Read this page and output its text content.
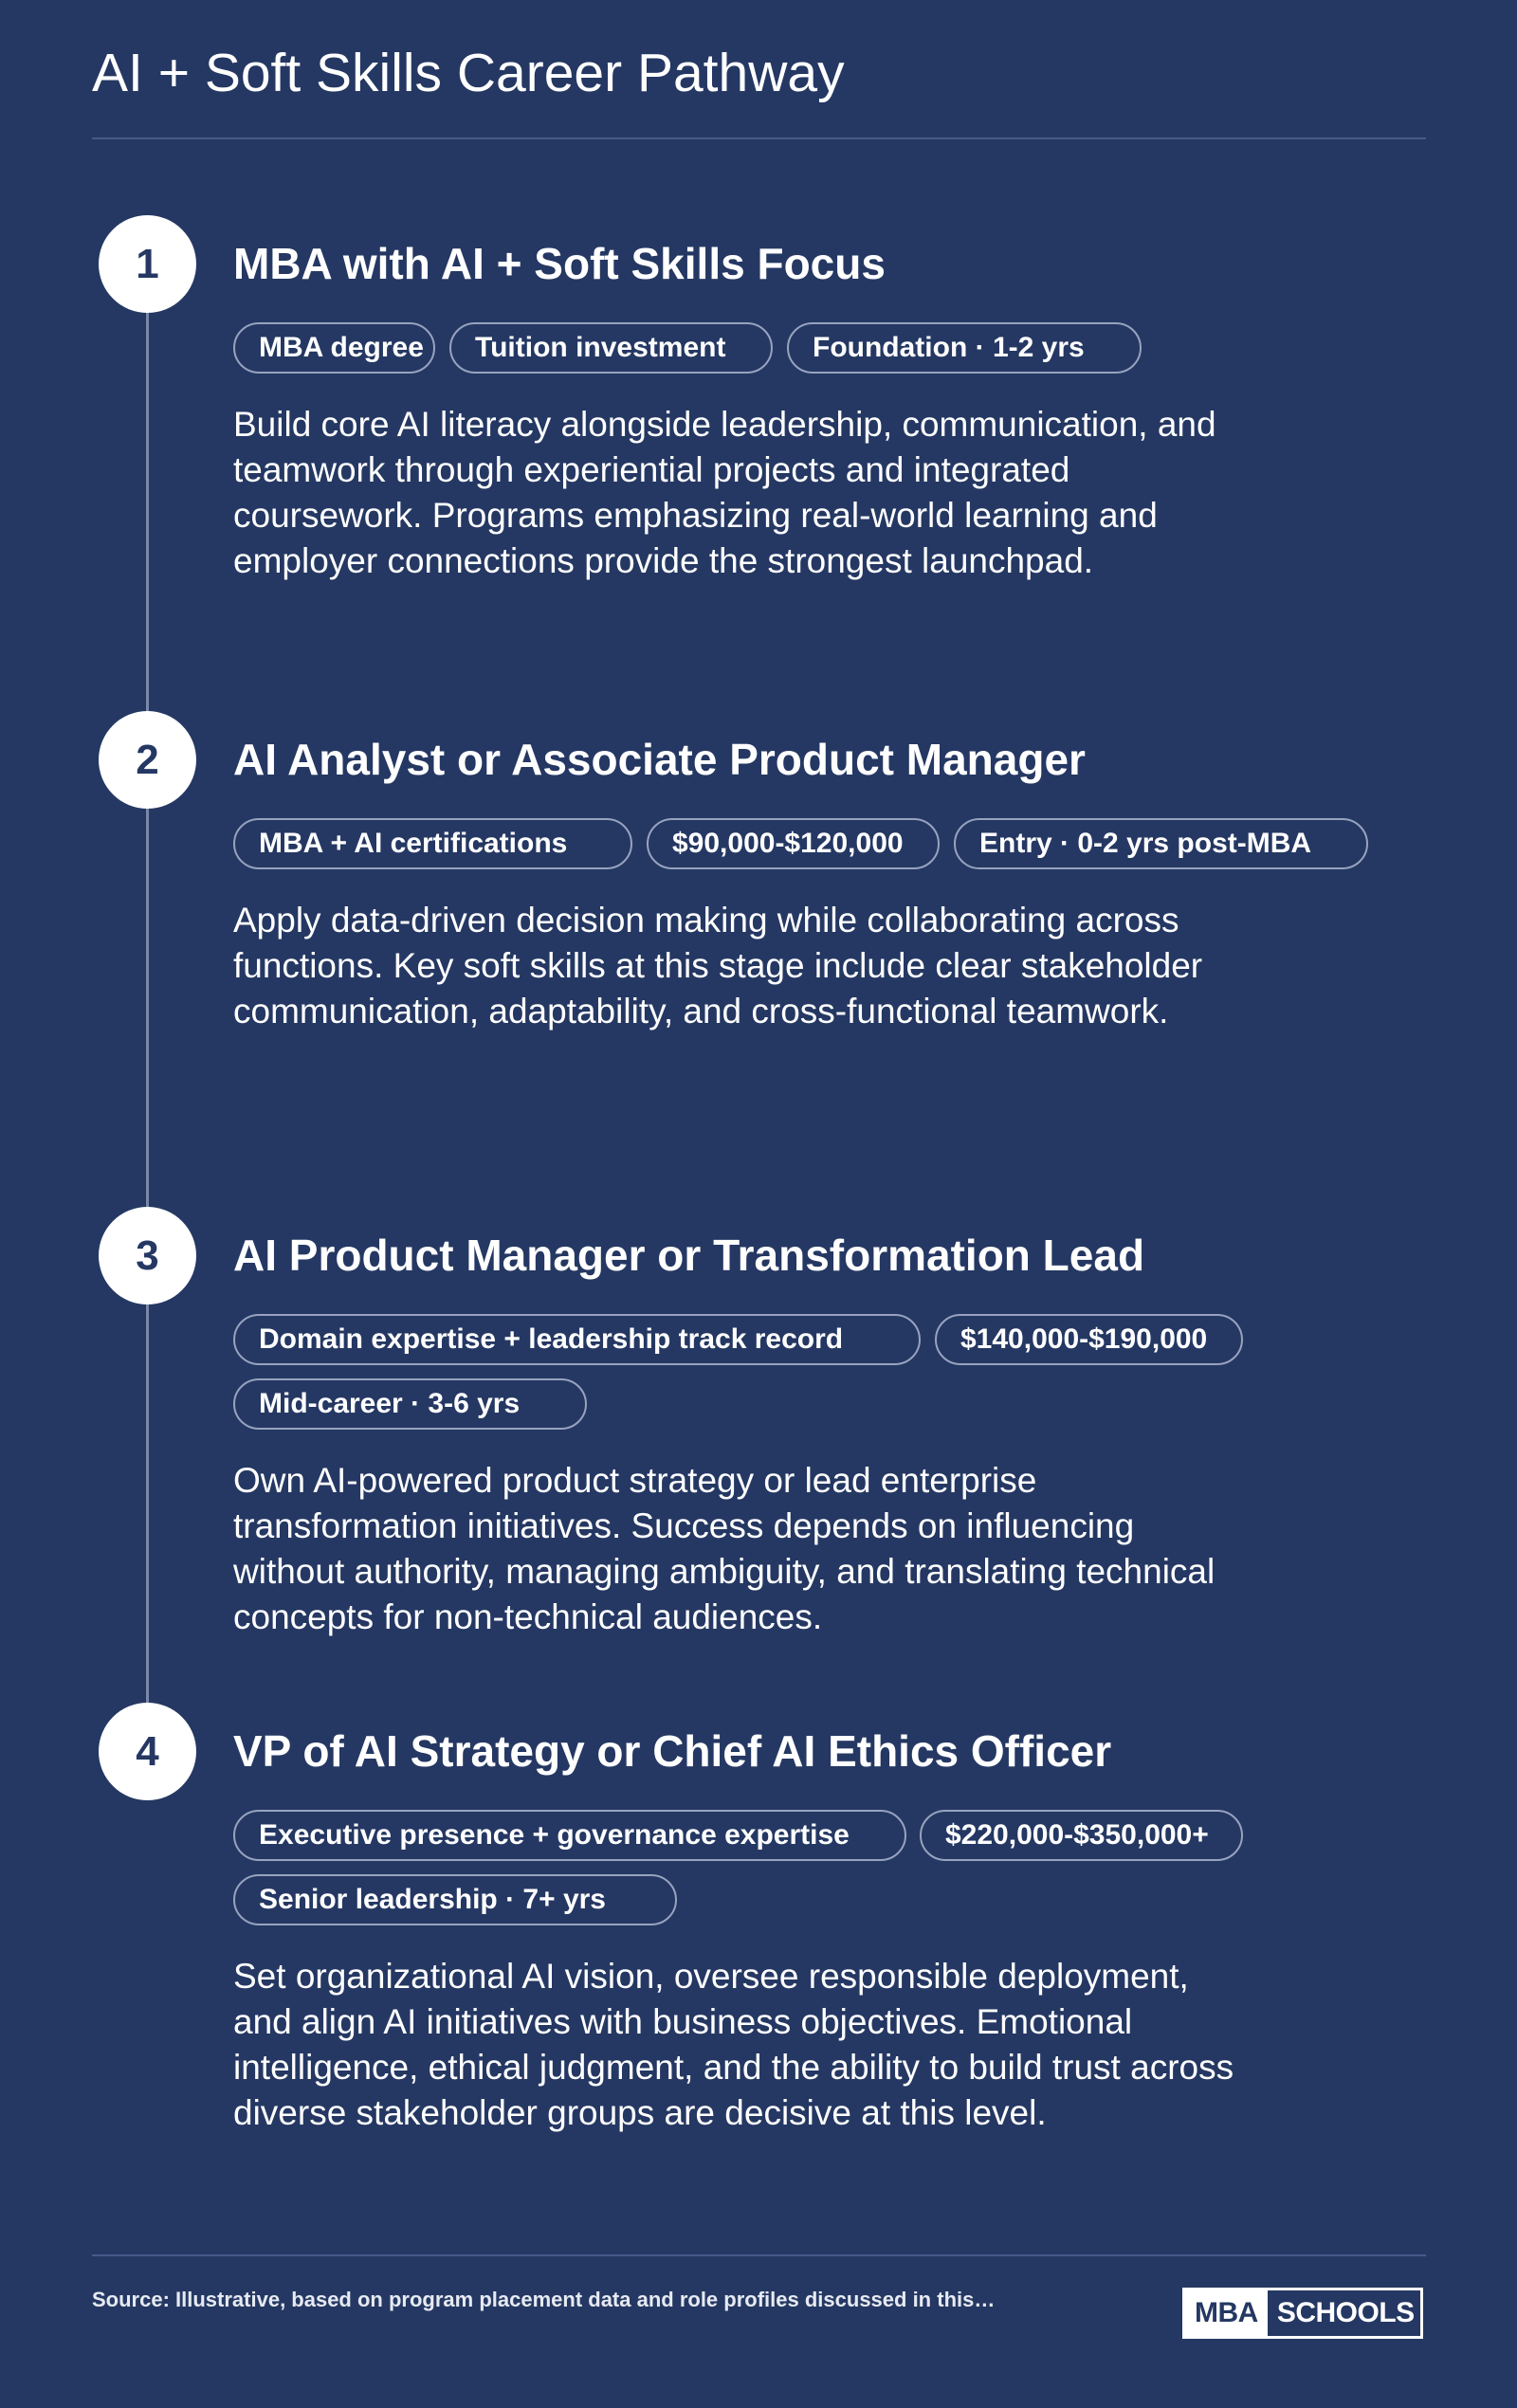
AI + Soft Skills Career Pathway
1	MBA with AI + Soft Skills Focus
MBA degree	Tuition investment	Foundation · 1-2 yrs
Build core AI literacy alongside leadership, communication, and teamwork through experiential projects and integrated coursework. Programs emphasizing real-world learning and employer connections provide the strongest launchpad.
2	AI Analyst or Associate Product Manager
MBA + AI certifications	$90,000-$120,000	Entry · 0-2 yrs post-MBA
Apply data-driven decision making while collaborating across functions. Key soft skills at this stage include clear stakeholder communication, adaptability, and cross-functional teamwork.
3	AI Product Manager or Transformation Lead
Domain expertise + leadership track record	$140,000-$190,000
Mid-career · 3-6 yrs
Own AI-powered product strategy or lead enterprise transformation initiatives. Success depends on influencing without authority, managing ambiguity, and translating technical concepts for non-technical audiences.
4	VP of AI Strategy or Chief AI Ethics Officer
Executive presence + governance expertise	$220,000-$350,000+
Senior leadership · 7+ yrs
Set organizational AI vision, oversee responsible deployment, and align AI initiatives with business objectives. Emotional intelligence, ethical judgment, and the ability to build trust across diverse stakeholder groups are decisive at this level.
Source: Illustrative, based on program placement data and role profiles discussed in this…	MBA SCHOOLS
